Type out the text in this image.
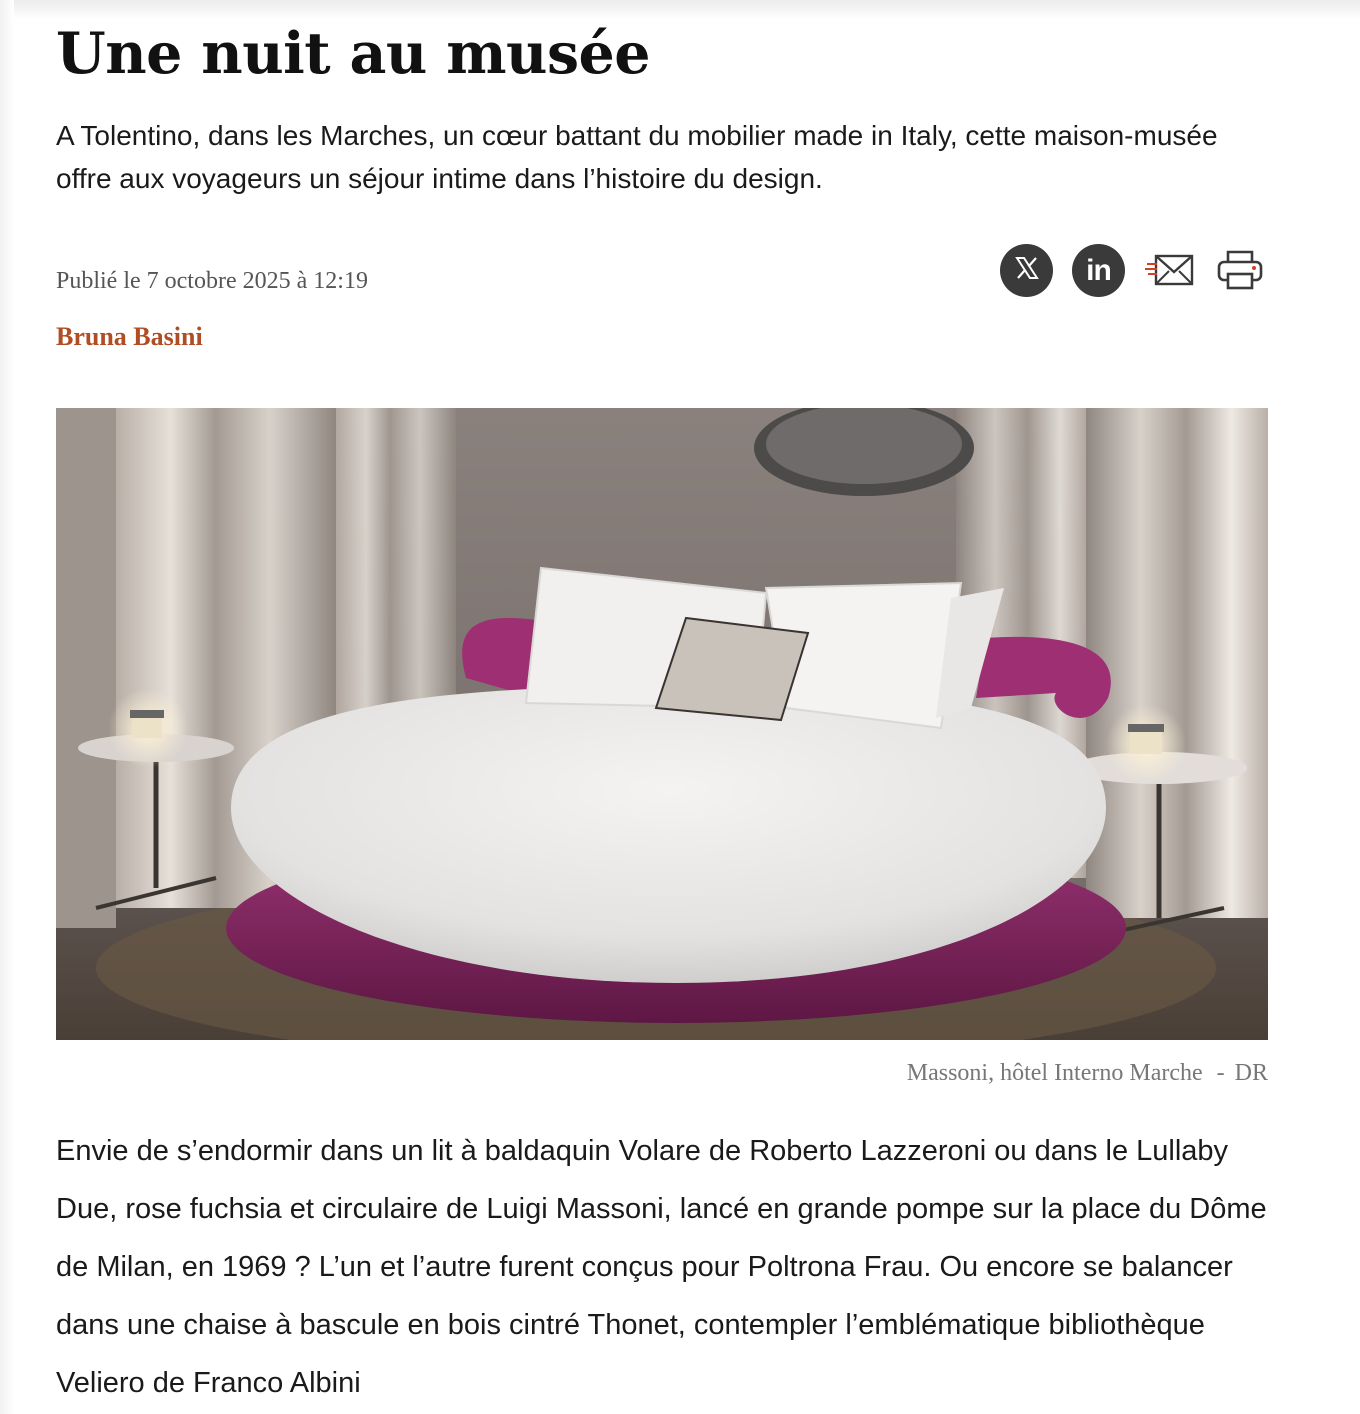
Une nuit au musée

A Tolentino, dans les Marches, un cœur battant du mobilier made in Italy, cette maison-musée offre aux voyageurs un séjour intime dans l’histoire du design.

Publié le 7 octobre 2025 à 12:19
Bruna Basini
in
Massoni, hôtel Interno Marche - DR

Envie de s’endormir dans un lit à baldaquin Volare de Roberto Lazzeroni ou dans le Lullaby Due, rose fuchsia et circulaire de Luigi Massoni, lancé en grande pompe sur la place du Dôme de Milan, en 1969 ? L’un et l’autre furent conçus pour Poltrona Frau. Ou encore se balancer dans une chaise à bascule en bois cintré Thonet, contempler l’emblématique bibliothèque Veliero de Franco Albini
